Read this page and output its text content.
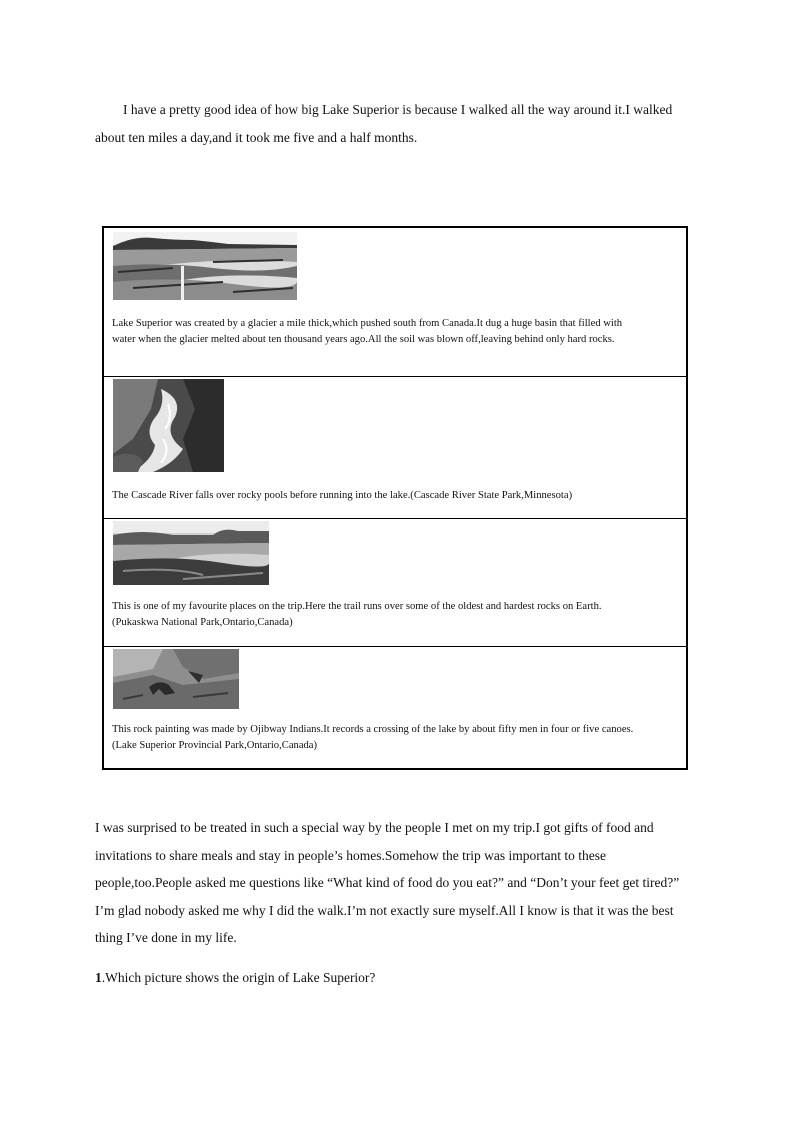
I have a pretty good idea of how big Lake Superior is because I walked all the way around it.I walked about ten miles a day,and it took me five and a half months.

Lake Superior was created by a glacier a mile thick,which pushed south from Canada.It dug a huge basin that filled with water when the glacier melted about ten thousand years ago.All the soil was blown off,leaving behind only hard rocks.

The Cascade River falls over rocky pools before running into the lake.(Cascade River State Park,Minnesota)

This is one of my favourite places on the trip.Here the trail runs over some of the oldest and hardest rocks on Earth.(Pukaskwa National Park,Ontario,Canada)

This rock painting was made by Ojibway Indians.It records a crossing of the lake by about fifty men in four or five canoes.(Lake Superior Provincial Park,Ontario,Canada)

I was surprised to be treated in such a special way by the people I met on my trip.I got gifts of food and invitations to share meals and stay in people’s homes.Somehow the trip was important to these people,too.People asked me questions like “What kind of food do you eat?” and “Don’t your feet get tired?” I’m glad nobody asked me why I did the walk.I’m not exactly sure myself.All I know is that it was the best thing I’ve done in my life.

1.Which picture shows the origin of Lake Superior?
